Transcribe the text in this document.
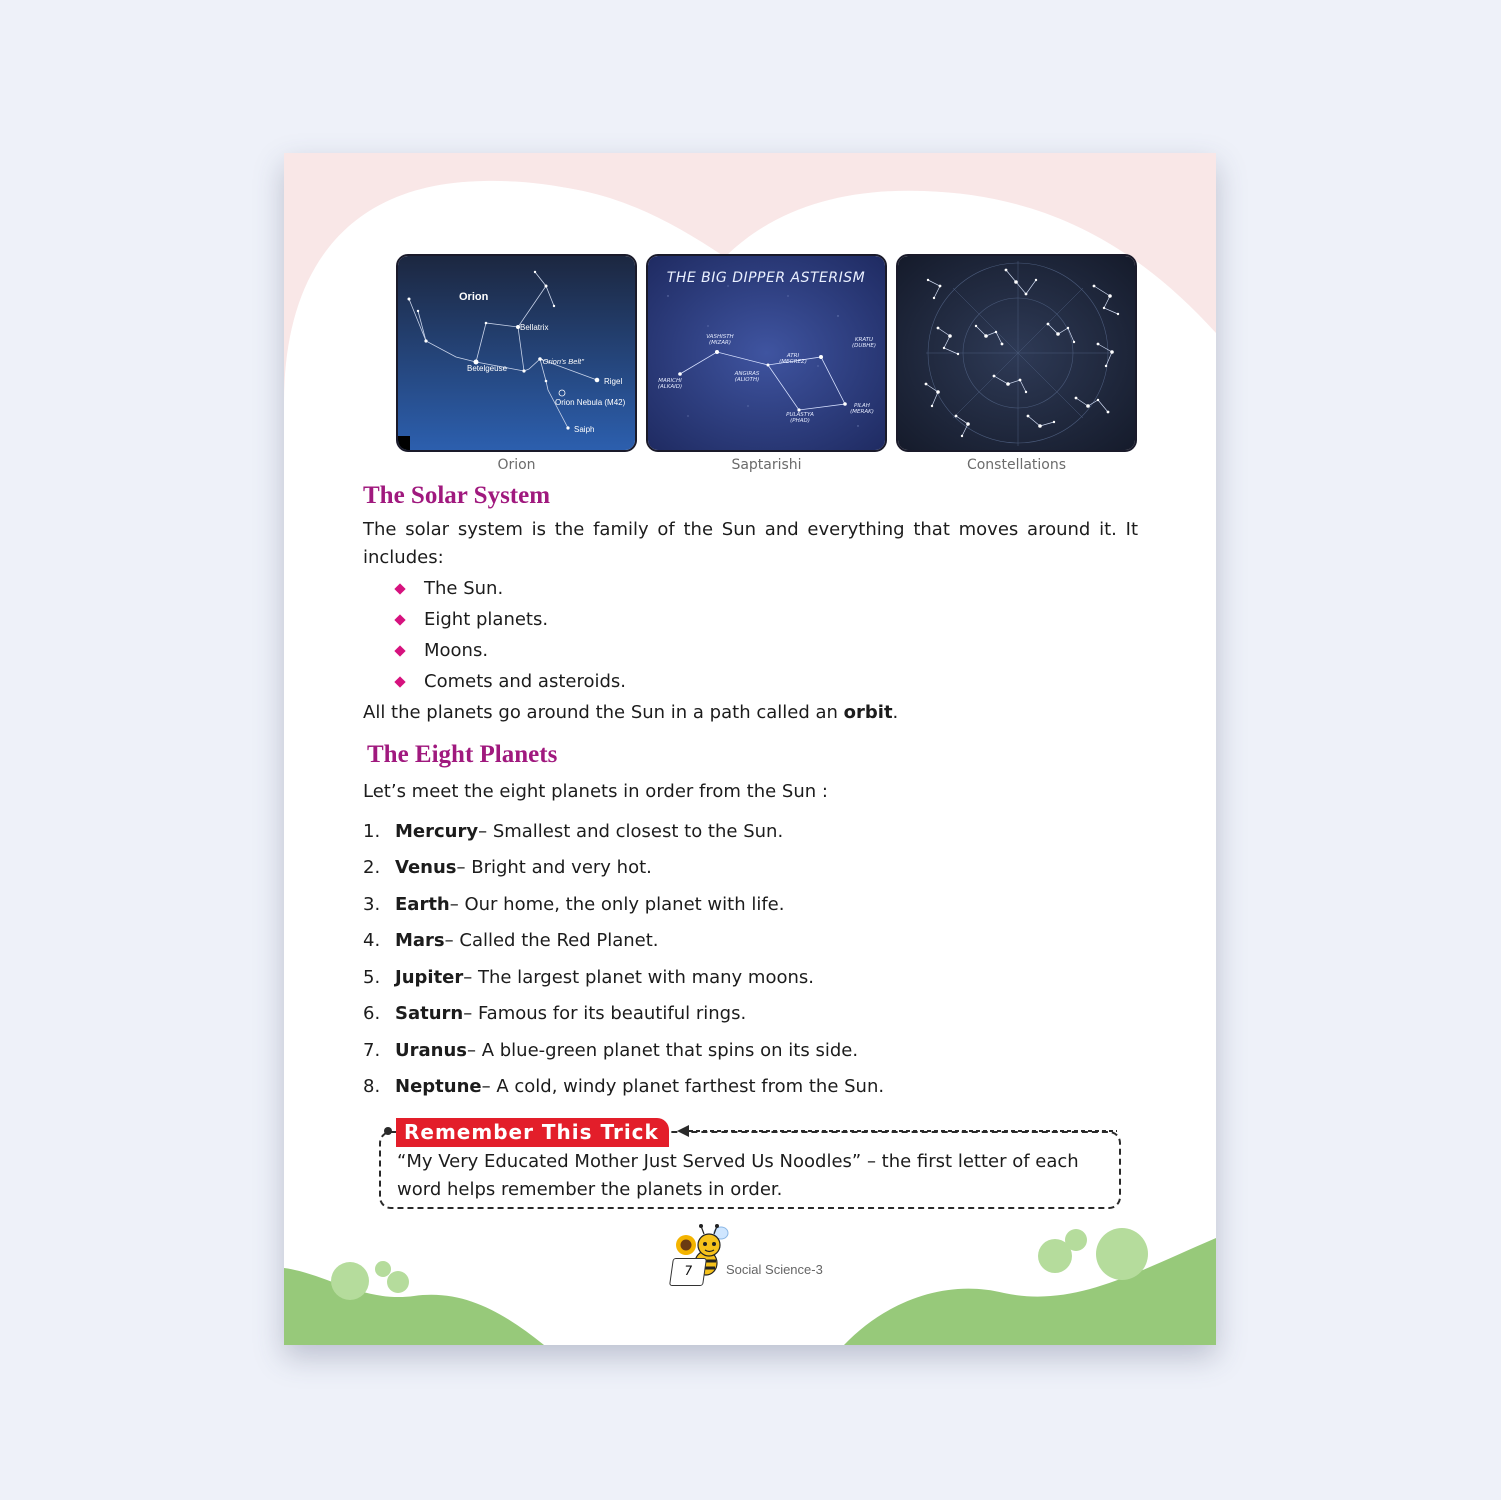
Orion
Bellatrix
"Orion's Belt"
Betelgeuse
Rigel
Orion Nebula (M42)
Saiph
Orion
THE BIG DIPPER ASTERISM
VASHISTH
(MIZAR)
MARICHI
(ALKAID)
ANGIRAS
(ALIOTH)
ATRI
(MEGREZ)
KRATU
(DUBHE)
PULASTYA
(PHAD)
PILAH
(MERAK)
Saptarishi	Constellations
The Solar System

The solar system is the family of the Sun and everything that moves around it. It includes:

The Sun.
Eight planets.
Moons.
Comets and asteroids.

All the planets go around the Sun in a path called an orbit.

The Eight Planets

Let’s meet the eight planets in order from the Sun :

1. Mercury – Smallest and closest to the Sun.
2. Venus – Bright and very hot.
3. Earth – Our home, the only planet with life.
4. Mars – Called the Red Planet.
5. Jupiter – The largest planet with many moons.
6. Saturn – Famous for its beautiful rings.
7. Uranus – A blue-green planet that spins on its side.
8. Neptune – A cold, windy planet farthest from the Sun.
Remember This Trick

“My Very Educated Mother Just Served Us Noodles” – the first letter of each word helps remember the planets in order.

7	Social Science-3
